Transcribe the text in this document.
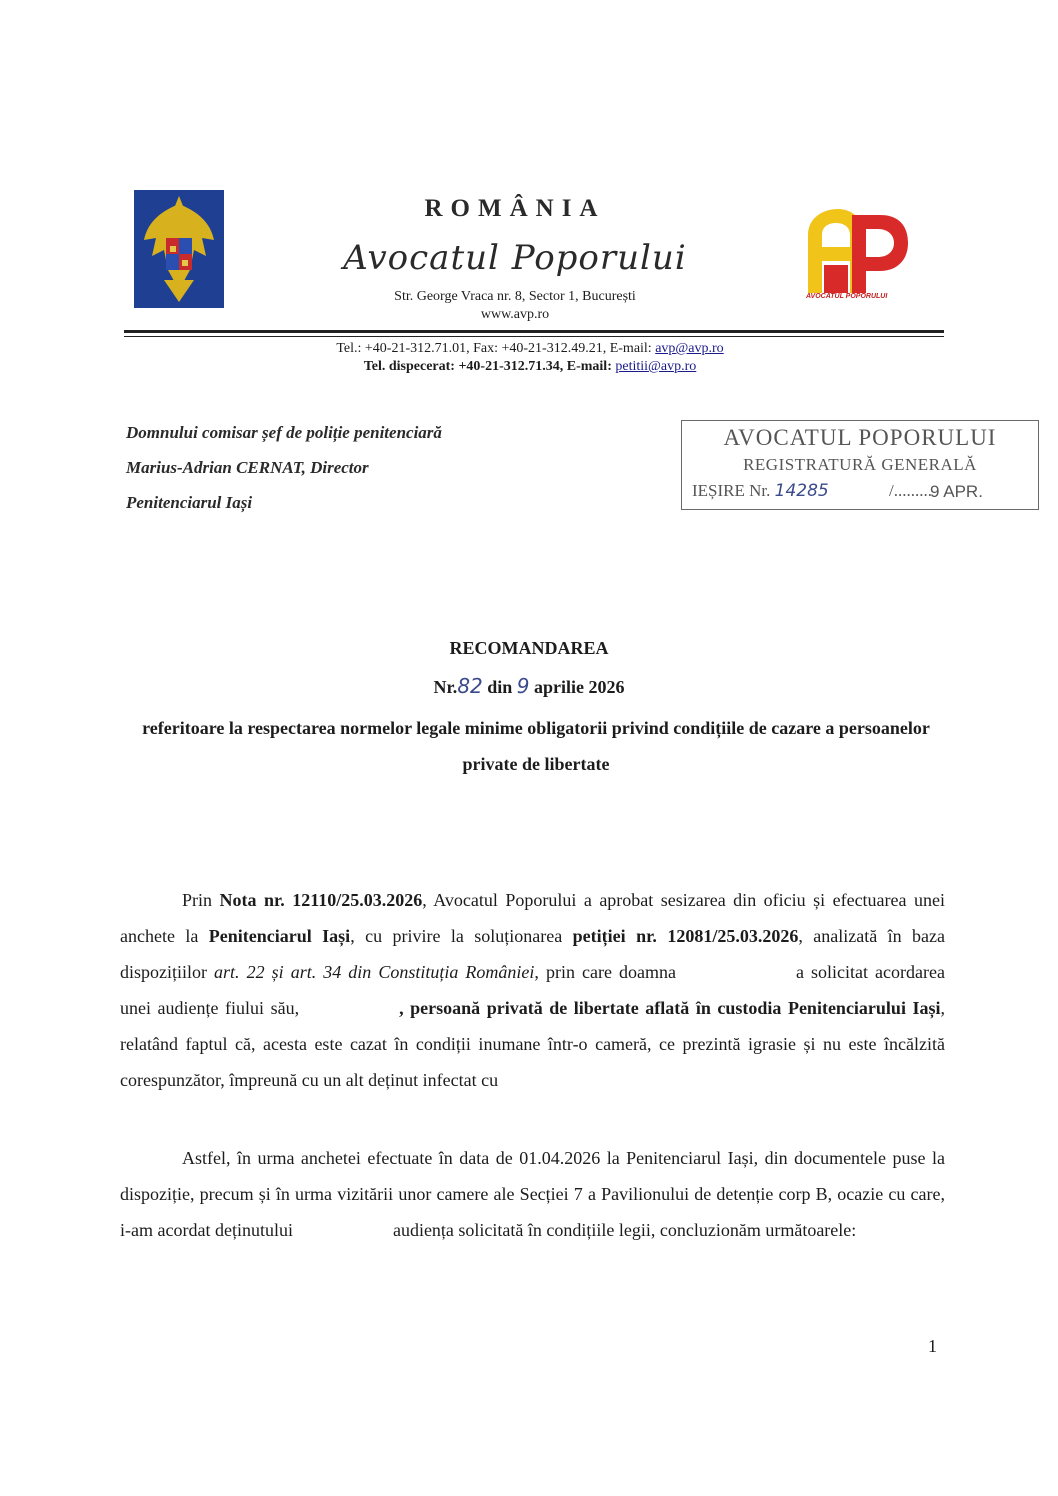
ROMÂNIA
Avocatul Poporului
Str. George Vraca nr. 8, Sector 1, București
www.avp.ro
AVOCATUL POPORULUI
Tel.: +40-21-312.71.01, Fax: +40-21-312.49.21, E-mail: avp@avp.ro
Tel. dispecerat: +40-21-312.71.34, E-mail: petitii@avp.ro
Domnului comisar șef de poliție penitenciară
Marius-Adrian CERNAT, Director
Penitenciarul Iași
AVOCATUL POPORULUI
REGISTRATURĂ GENERALĂ
IEȘIRE Nr. 14285	/.........
9 APR.
RECOMANDAREA
Nr.82 din 9 aprilie 2026
referitoare la respectarea normelor legale minime obligatorii privind condițiile de cazare a persoanelor private de libertate
Prin Nota nr. 12110/25.03.2026, Avocatul Poporului a aprobat sesizarea din oficiu și efectuarea unei anchete la Penitenciarul Iași, cu privire la soluționarea petiției nr. 12081/25.03.2026, analizată în baza dispozițiilor art. 22 și art. 34 din Constituția României, prin care doamna	a solicitat acordarea unei audiențe fiului său,	, persoană privată de libertate aflată în custodia Penitenciarului Iași, relatând faptul că, acesta este cazat în condiții inumane într-o cameră, ce prezintă igrasie și nu este încălzită corespunzător, împreună cu un alt deținut infectat cu
Astfel, în urma anchetei efectuate în data de 01.04.2026 la Penitenciarul Iași, din documentele puse la dispoziție, precum și în urma vizitării unor camere ale Secției 7 a Pavilionului de detenție corp B, ocazie cu care, i-am acordat deținutului	audiența solicitată în condițiile legii, concluzionăm următoarele:
1
